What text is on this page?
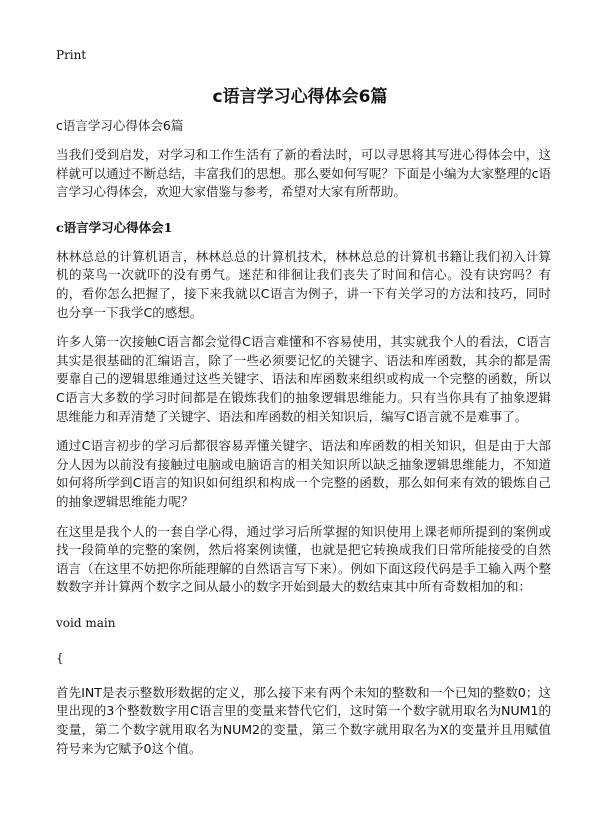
Print
c语言学习心得体会6篇

c语言学习心得体会6篇

当我们受到启发，对学习和工作生活有了新的看法时，可以寻思将其写进心得体会中，这样就可以通过不断总结，丰富我们的思想。那么要如何写呢？下面是小编为大家整理的c语言学习心得体会，欢迎大家借鉴与参考，希望对大家有所帮助。

c语言学习心得体会1

林林总总的计算机语言，林林总总的计算机技术，林林总总的计算机书籍让我们初入计算机的菜鸟一次就吓的没有勇气。迷茫和徘徊让我们丧失了时间和信心。没有诀窍吗？有的，看你怎么把握了，接下来我就以C语言为例子，讲一下有关学习的方法和技巧，同时也分享一下我学C的感想。

许多人第一次接触C语言都会觉得C语言难懂和不容易使用，其实就我个人的看法，C语言其实是很基础的汇编语言，除了一些必须要记忆的关键字、语法和库函数，其余的都是需要靠自己的逻辑思维通过这些关键字、语法和库函数来组织或构成一个完整的函数，所以C语言大多数的学习时间都是在锻炼我们的抽象逻辑思维能力。只有当你具有了抽象逻辑思维能力和弄清楚了关键字、语法和库函数的相关知识后，编写C语言就不是难事了。

通过C语言初步的学习后都很容易弄懂关键字、语法和库函数的相关知识，但是由于大部分人因为以前没有接触过电脑或电脑语言的相关知识所以缺乏抽象逻辑思维能力，不知道如何将所学到C语言的知识如何组织和构成一个完整的函数，那么如何来有效的锻炼自己的抽象逻辑思维能力呢？

在这里是我个人的一套自学心得，通过学习后所掌握的知识使用上课老师所提到的案例或找一段简单的完整的案例，然后将案例读懂，也就是把它转换成我们日常所能接受的自然语言（在这里不妨把你所能理解的自然语言写下来）。例如下面这段代码是手工输入两个整数数字并计算两个数字之间从最小的数字开始到最大的数结束其中所有奇数相加的和：

void main

{

首先INT是表示整数形数据的定义，那么接下来有两个未知的整数和一个已知的整数0；这里出现的3个整数数字用C语言里的变量来替代它们，这时第一个数字就用取名为NUM1的变量，第二个数字就用取名为NUM2的变量，第三个数字就用取名为X的变量并且用赋值符号来为它赋予0这个值。
